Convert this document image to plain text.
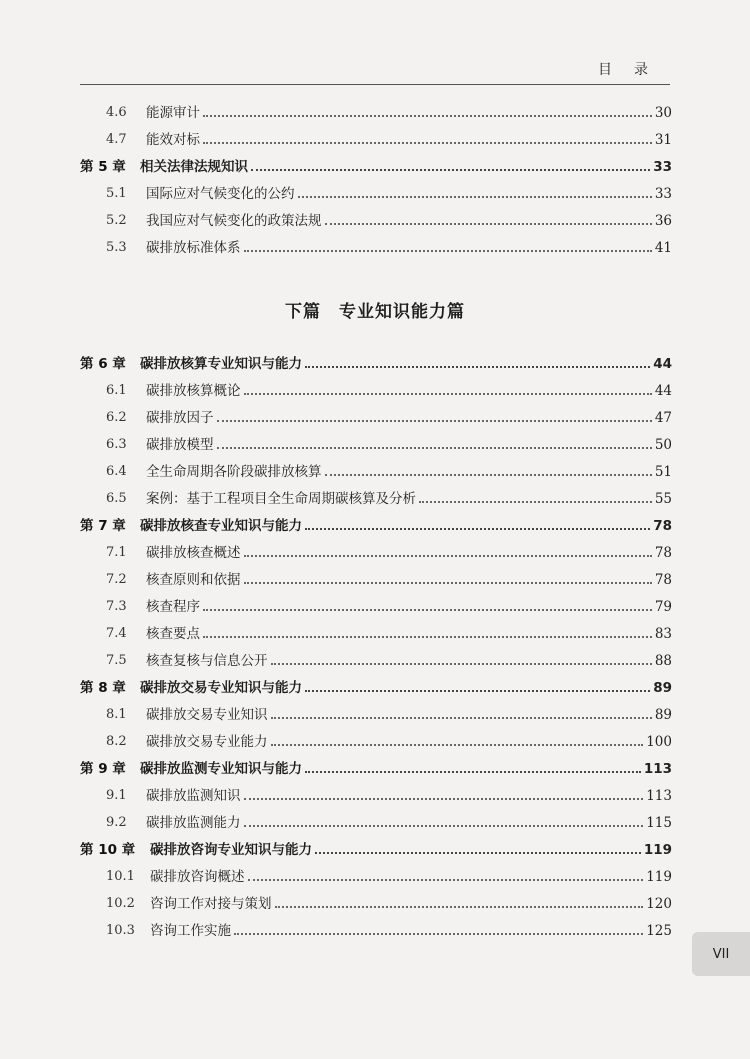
目录
下篇　专业知识能力篇
VII
4.6	能源审计	30
4.7	能效对标	31
第 5 章	相关法律法规知识	33
5.1	国际应对气候变化的公约	33
5.2	我国应对气候变化的政策法规	36
5.3	碳排放标准体系	41
第 6 章	碳排放核算专业知识与能力	44
6.1	碳排放核算概论	44
6.2	碳排放因子	47
6.3	碳排放模型	50
6.4	全生命周期各阶段碳排放核算	51
6.5	案例：基于工程项目全生命周期碳核算及分析	55
第 7 章	碳排放核查专业知识与能力	78
7.1	碳排放核查概述	78
7.2	核查原则和依据	78
7.3	核查程序	79
7.4	核查要点	83
7.5	核查复核与信息公开	88
第 8 章	碳排放交易专业知识与能力	89
8.1	碳排放交易专业知识	89
8.2	碳排放交易专业能力	100
第 9 章	碳排放监测专业知识与能力	113
9.1	碳排放监测知识	113
9.2	碳排放监测能力	115
第 10 章	碳排放咨询专业知识与能力	119
10.1	碳排放咨询概述	119
10.2	咨询工作对接与策划	120
10.3	咨询工作实施	125
